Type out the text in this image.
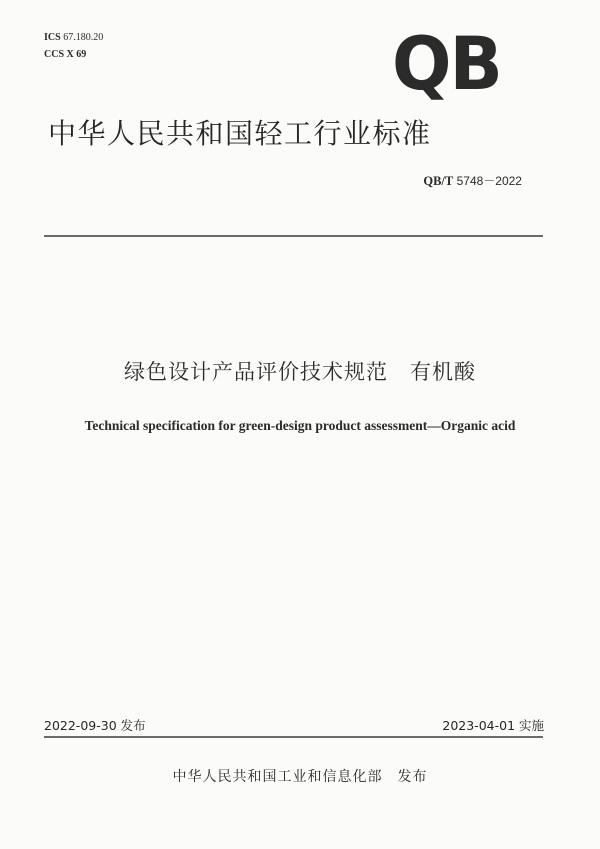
ICS 67.180.20
CCS X 69	QB
中华人民共和国轻工行业标准
QB/T 5748－2022
绿色设计产品评价技术规范　有机酸
Technical specification for green-design product assessment—Organic acid
2022-09-30 发布	2023-04-01 实施
中华人民共和国工业和信息化部　发布
